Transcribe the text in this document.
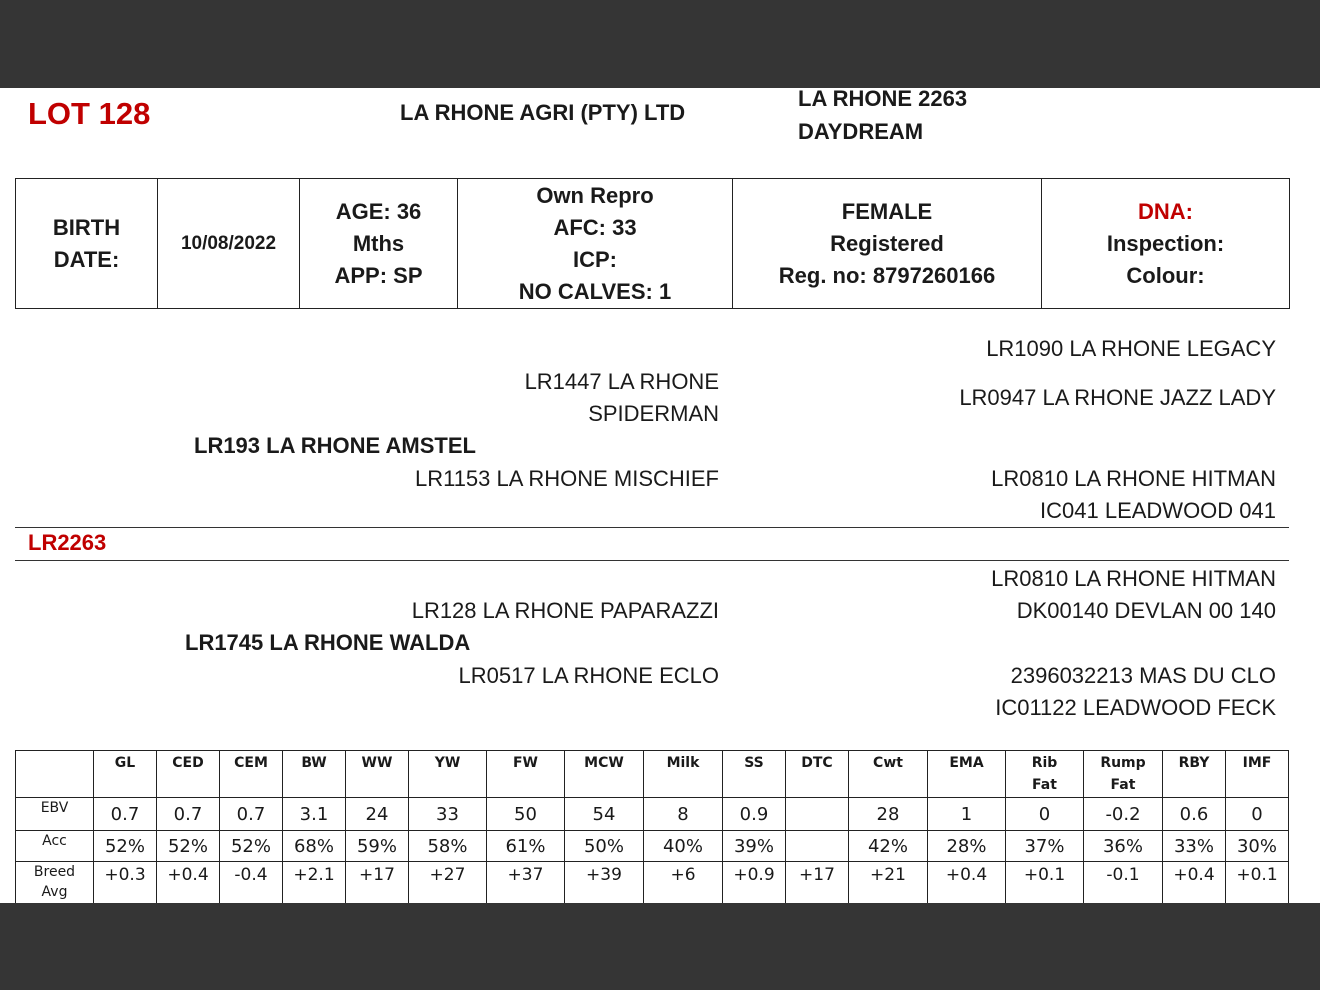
LOT 128	LA RHONE AGRI (PTY) LTD
LA RHONE 2263
DAYDREAM
BIRTH
DATE:
	10/08/2022	
AGE: 36
Mths
APP: SP

Own Repro
AFC: 33
ICP:
NO CALVES: 1

FEMALE
Registered
Reg. no: 8797260166

DNA:
Inspection:
Colour:
LR1090 LA RHONE LEGACY
LR1447 LA RHONE
SPIDERMAN
LR0947 LA RHONE JAZZ LADY
LR193 LA RHONE AMSTEL
LR1153 LA RHONE MISCHIEF	LR0810 LA RHONE HITMAN
IC041 LEADWOOD 041
LR2263
LR0810 LA RHONE HITMAN
LR128 LA RHONE PAPARAZZI	DK00140 DEVLAN 00 140
LR1745 LA RHONE WALDA
LR0517 LA RHONE ECLO	2396032213 MAS DU CLO
IC01122 LEADWOOD FECK
	GL	CED	CEM	BW	WW	YW	FW	MCW	Milk	SS	DTC	Cwt	EMA	Rib
Fat	Rump
Fat	RBY	IMF
EBV	0.7	0.7	0.7	3.1	24	33	50	54	8	0.9		28	1	0	-0.2	0.6	0
Acc	52%	52%	52%	68%	59%	58%	61%	50%	40%	39%		42%	28%	37%	36%	33%	30%
Breed
Avg	+0.3	+0.4	-0.4	+2.1	+17	+27	+37	+39	+6	+0.9	+17	+21	+0.4	+0.1	-0.1	+0.4	+0.1
